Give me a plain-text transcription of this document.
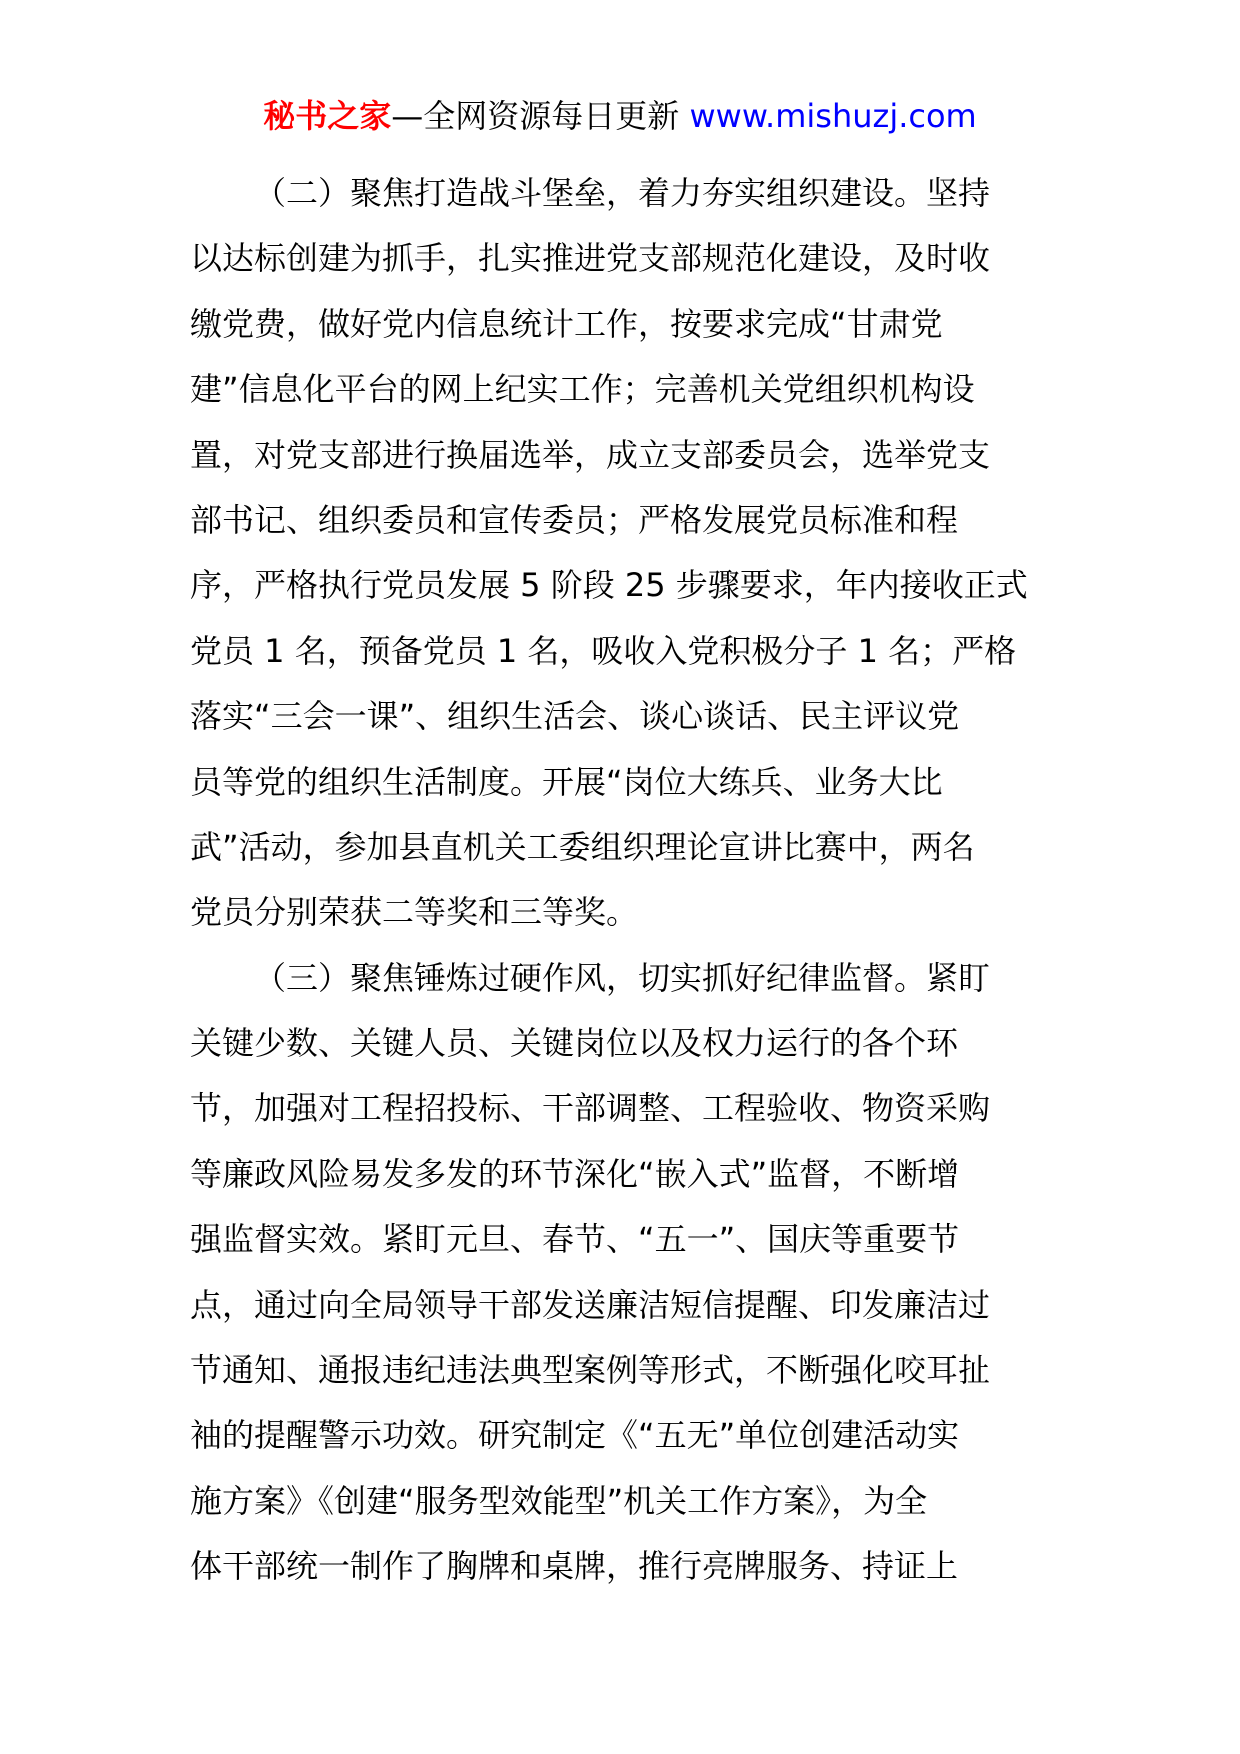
秘书之家—全网资源每日更新 www.mishuzj.com
（二）聚焦打造战斗堡垒，着力夯实组织建设。坚持
以达标创建为抓手，扎实推进党支部规范化建设，及时收
缴党费，做好党内信息统计工作，按要求完成“甘肃党
建”信息化平台的网上纪实工作；完善机关党组织机构设
置，对党支部进行换届选举，成立支部委员会，选举党支
部书记、组织委员和宣传委员；严格发展党员标准和程
序，严格执行党员发展 5 阶段 25 步骤要求，年内接收正式
党员 1 名，预备党员 1 名，吸收入党积极分子 1 名；严格
落实“三会一课”、组织生活会、谈心谈话、民主评议党
员等党的组织生活制度。开展“岗位大练兵、业务大比
武”活动，参加县直机关工委组织理论宣讲比赛中，两名
党员分别荣获二等奖和三等奖。
（三）聚焦锤炼过硬作风，切实抓好纪律监督。紧盯
关键少数、关键人员、关键岗位以及权力运行的各个环
节，加强对工程招投标、干部调整、工程验收、物资采购
等廉政风险易发多发的环节深化“嵌入式”监督，不断增
强监督实效。紧盯元旦、春节、“五一”、国庆等重要节
点，通过向全局领导干部发送廉洁短信提醒、印发廉洁过
节通知、通报违纪违法典型案例等形式，不断强化咬耳扯
袖的提醒警示功效。研究制定《“五无”单位创建活动实
施方案》《创建“服务型效能型”机关工作方案》，为全
体干部统一制作了胸牌和桌牌，推行亮牌服务、持证上
